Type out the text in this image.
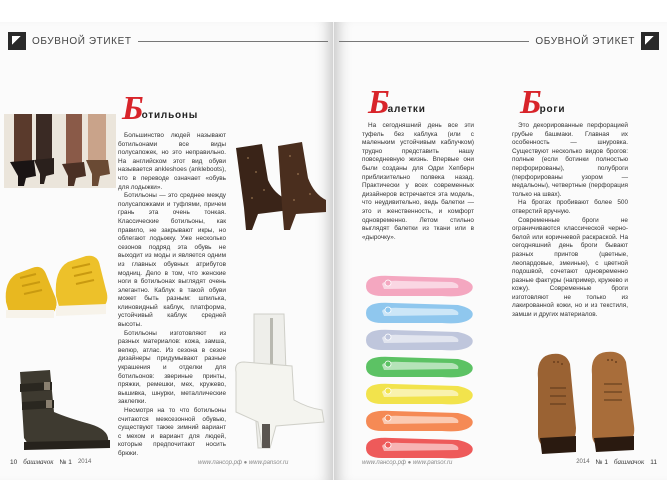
ОБУВНОЙ ЭТИКЕТ
Б
отильоны

Большинство людей называют ботильонами все виды полусапожек, но это неправильно. На английском этот вид обуви называется ankleshoes (ankleboots), что в переводе означает «обувь для лодыжки».

Ботильоны — это среднее между полусапожками и туфлями, причем грань эта очень тонкая. Классические ботильоны, как правило, не закрывают икры, но облегают лодыжку. Уже несколько сезонов подряд эта обувь не выходит из моды и является одним из главных обувных атрибутов модниц. Дело в том, что женские ноги в ботильонах выглядят очень элегантно. Каблук в такой обуви может быть разным: шпилька, клиновидный каблук, платформа, устойчивый каблук средней высоты.

Ботильоны изготовляют из разных материалов: кожа, замша, велюр, атлас. Из сезона в сезон дизайнеры придумывают разные украшения и отделки для ботильонов: звериные принты, пряжки, ремешки, мех, кружево, вышивка, шнурки, металлические заклепки.

Несмотря на то что ботильоны считаются межсезонной обувью, существуют также зимний вариант с мехом и вариант для людей, которые предпочитают носить брюки.

10 башмачок № 1 2014	www.пансор.рф ● www.pansor.ru
ОБУВНОЙ ЭТИКЕТ
Б
алетки

На сегодняшний день все эти туфель без каблука (или с маленьким устойчивым каблучком) трудно представить нашу повседневную жизнь. Впервые они были созданы для Одри Хепберн приблизительно полвека назад. Практически у всех современных дизайнеров встречается эта модель, что неудивительно, ведь балетки — это и женственность, и комфорт одновременно. Летом стильно выглядят балетки из ткани или в «дырочку».

Б
роги

Это декорированные перфорацией грубые башмаки. Главная их особенность — шнуровка. Существуют несколько видов брогов: полные (если ботинки полностью перфорированы), полуброги (перфорированы узором — медальоны), четвертные (перфорация только на швах).

На брогах пробивают более 500 отверстий вручную.

Современные броги не ограничиваются классической черно-белой или коричневой раскраской. На сегодняшний день броги бывают разных принтов (цветные, леопардовые, змеиные), с цветной подошвой, сочетают одновременно разные фактуры (например, кружево и кожу). Современные броги изготовляют не только из лакированной кожи, но и из текстиля, замши и других материалов.

www.пансор.рф ● www.pansor.ru	2014 № 1 башмачок 11
